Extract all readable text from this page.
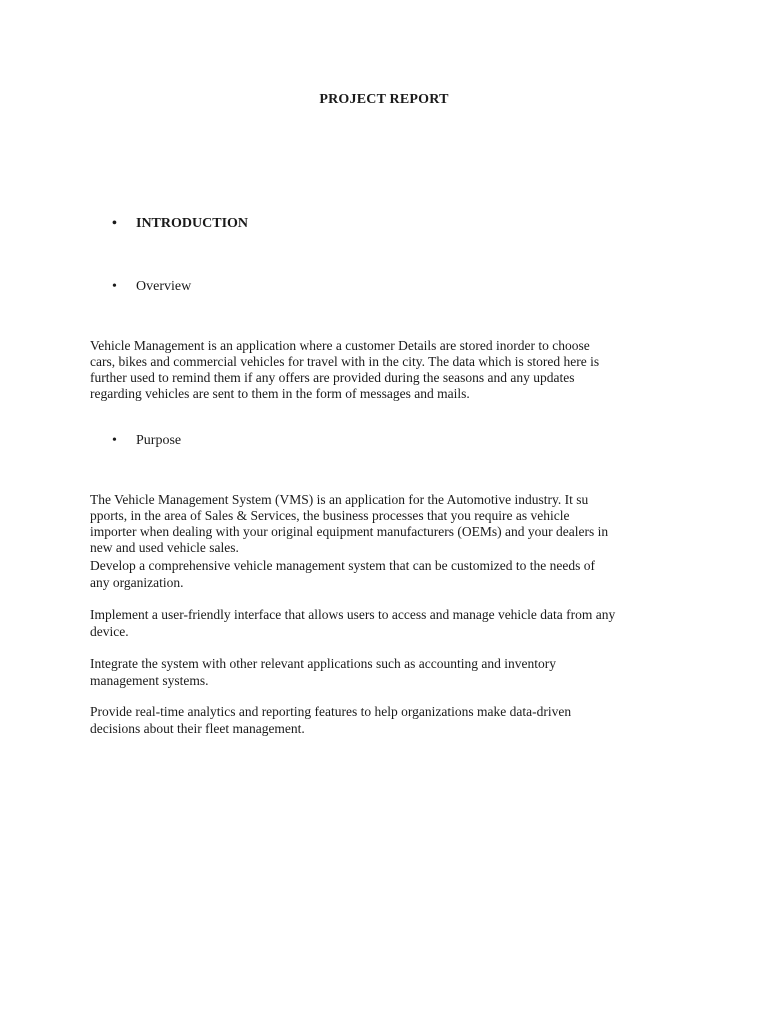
PROJECT REPORT
•	INTRODUCTION
•	Overview
Vehicle Management is an application where a customer Details are stored inorder to choose
cars, bikes and commercial vehicles for travel with in the city. The data which is stored here is
further used to remind them if any offers are provided during the seasons and any updates
regarding vehicles are sent to them in the form of messages and mails.
•	Purpose
The Vehicle Management System (VMS) is an application for the Automotive industry. It su
pports, in the area of Sales & Services, the business processes that you require as vehicle
importer when dealing with your original equipment manufacturers (OEMs) and your dealers in
new and used vehicle sales.
Develop a comprehensive vehicle management system that can be customized to the needs of
any organization.
Implement a user-friendly interface that allows users to access and manage vehicle data from any
device.
Integrate the system with other relevant applications such as accounting and inventory
management systems.
Provide real-time analytics and reporting features to help organizations make data-driven
decisions about their fleet management.
